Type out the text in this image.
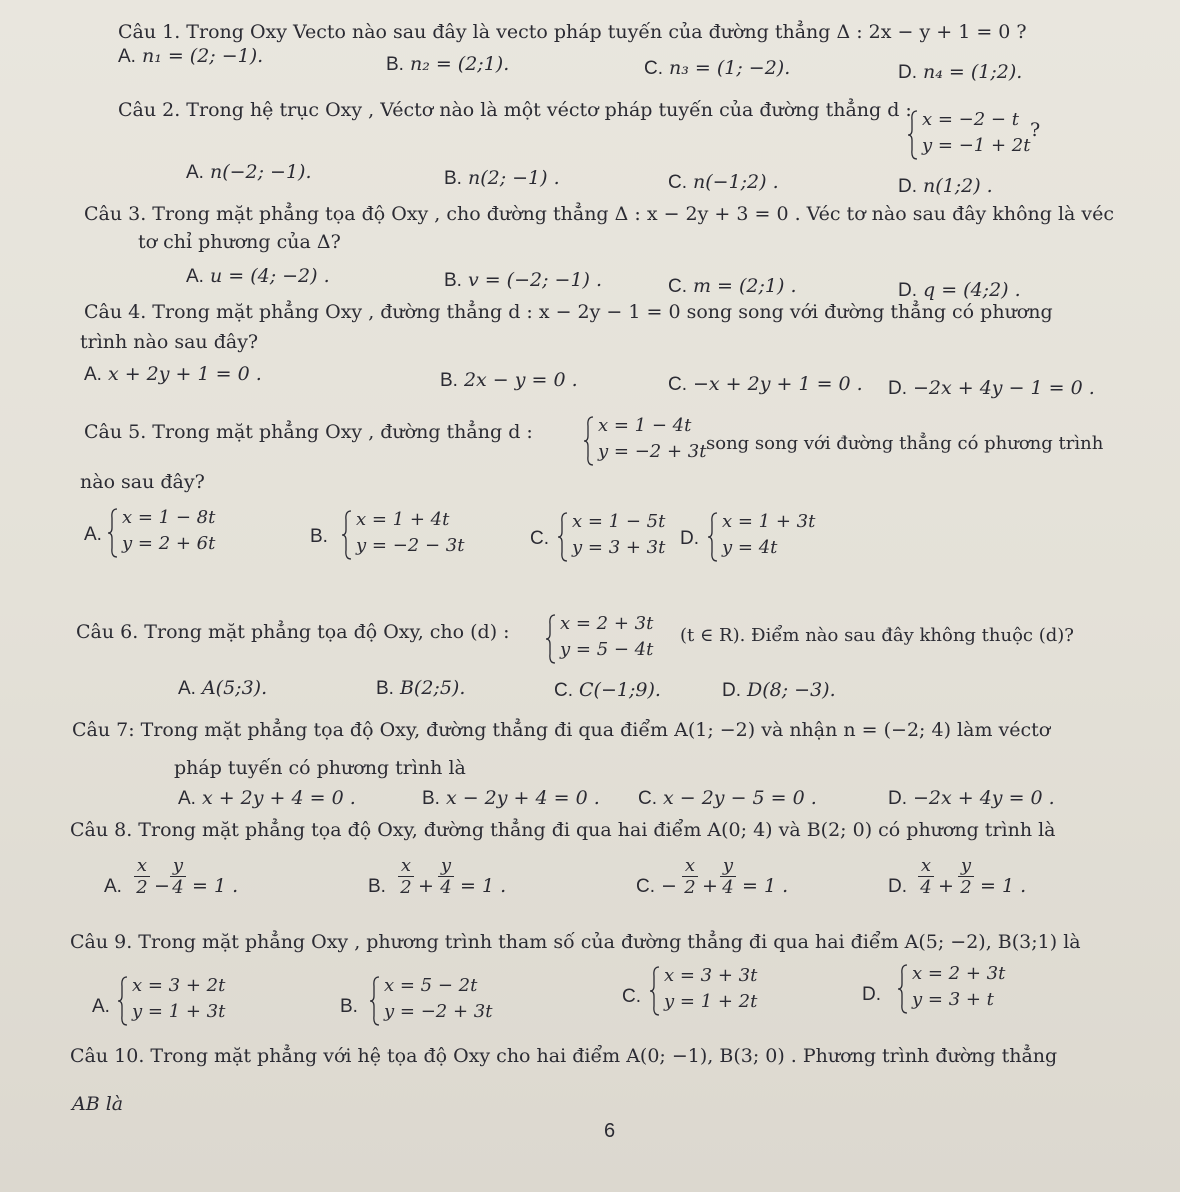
Câu 1. Trong Oxy Vecto nào sau đây là vecto pháp tuyến của đường thẳng Δ : 2x − y + 1 = 0 ?
A. n₁ = (2; −1).	B. n₂ = (2;1).	C. n₃ = (1; −2).	D. n₄ = (1;2).
Câu 2. Trong hệ trục Oxy , Véctơ nào là một véctơ pháp tuyến của đường thẳng d : x = −2 − t
y = −1 + 2t
?
A. n(−2; −1).	B. n(2; −1) .	C. n(−1;2) .	D. n(1;2) .
Câu 3. Trong mặt phẳng tọa độ Oxy , cho đường thẳng Δ : x − 2y + 3 = 0 . Véc tơ nào sau đây không là véc
tơ chỉ phương của Δ?
A. u = (4; −2) .	B. v = (−2; −1) .	C. m = (2;1) .	D. q = (4;2) .
Câu 4. Trong mặt phẳng Oxy , đường thẳng d : x − 2y − 1 = 0 song song với đường thẳng có phương
trình nào sau đây?
A. x + 2y + 1 = 0 .	B. 2x − y = 0 .	C. −x + 2y + 1 = 0 . D. −2x + 4y − 1 = 0 .
Câu 5. Trong mặt phẳng Oxy , đường thẳng d :	x = 1 − 4t
y = −2 + 3t song song với đường thẳng có phương trình
nào sau đây?
A.
x = 1 − 8t
y = 2 + 6t	B.
x = 1 + 4t
y = −2 − 3t	C.
x = 1 − 5t
y = 3 + 3t D.
x = 1 + 3t
y = 4t
Câu 6. Trong mặt phẳng tọa độ Oxy, cho (d) :	x = 2 + 3t
y = 5 − 4t
(t ∈ R). Điểm nào sau đây không thuộc (d)?
A. A(5;3).	B. B(2;5).	C. C(−1;9).	D. D(8; −3).
Câu 7: Trong mặt phẳng tọa độ Oxy, đường thẳng đi qua điểm A(1; −2) và nhận n = (−2; 4) làm véctơ
pháp tuyến có phương trình là
A. x + 2y + 4 = 0 .	B. x − 2y + 4 = 0 . C. x − 2y − 5 = 0 .	D. −2x + 4y = 0 .
Câu 8. Trong mặt phẳng tọa độ Oxy, đường thẳng đi qua hai điểm A(0; 4) và B(2; 0) có phương trình là
A.
x
2 −
y
4 = 1 .	B.
x
2 +
y
4 = 1 .	C. −
x
2 +
y
4 = 1 .	D.
x
4 +
y
2 = 1 .
Câu 9. Trong mặt phẳng Oxy , phương trình tham số của đường thẳng đi qua hai điểm A(5; −2), B(3;1) là
A.
x = 3 + 2t
y = 1 + 3t	B.
x = 5 − 2t
y = −2 + 3t
C.
x = 3 + 3t
y = 1 + 2t	D.
x = 2 + 3t
y = 3 + t
Câu 10. Trong mặt phẳng với hệ tọa độ Oxy cho hai điểm A(0; −1), B(3; 0) . Phương trình đường thẳng
AB là
6
